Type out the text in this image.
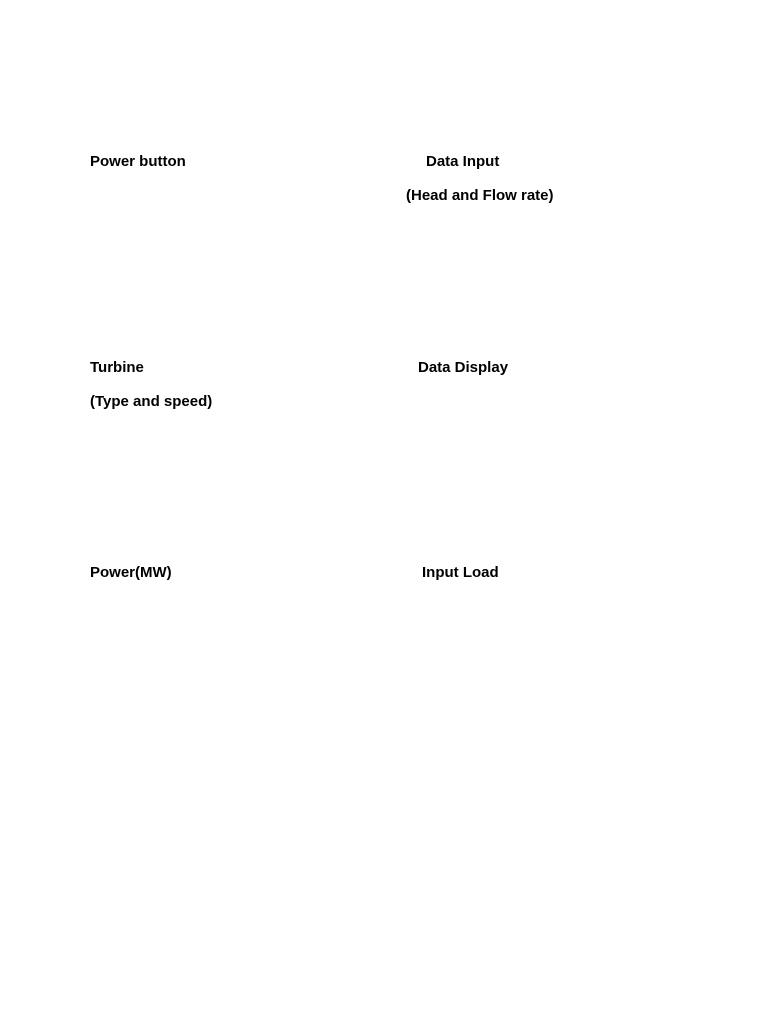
Power button	Data Input
(Head and Flow rate)
Turbine
(Type and speed)
Data Display
Power(MW)	Input Load
